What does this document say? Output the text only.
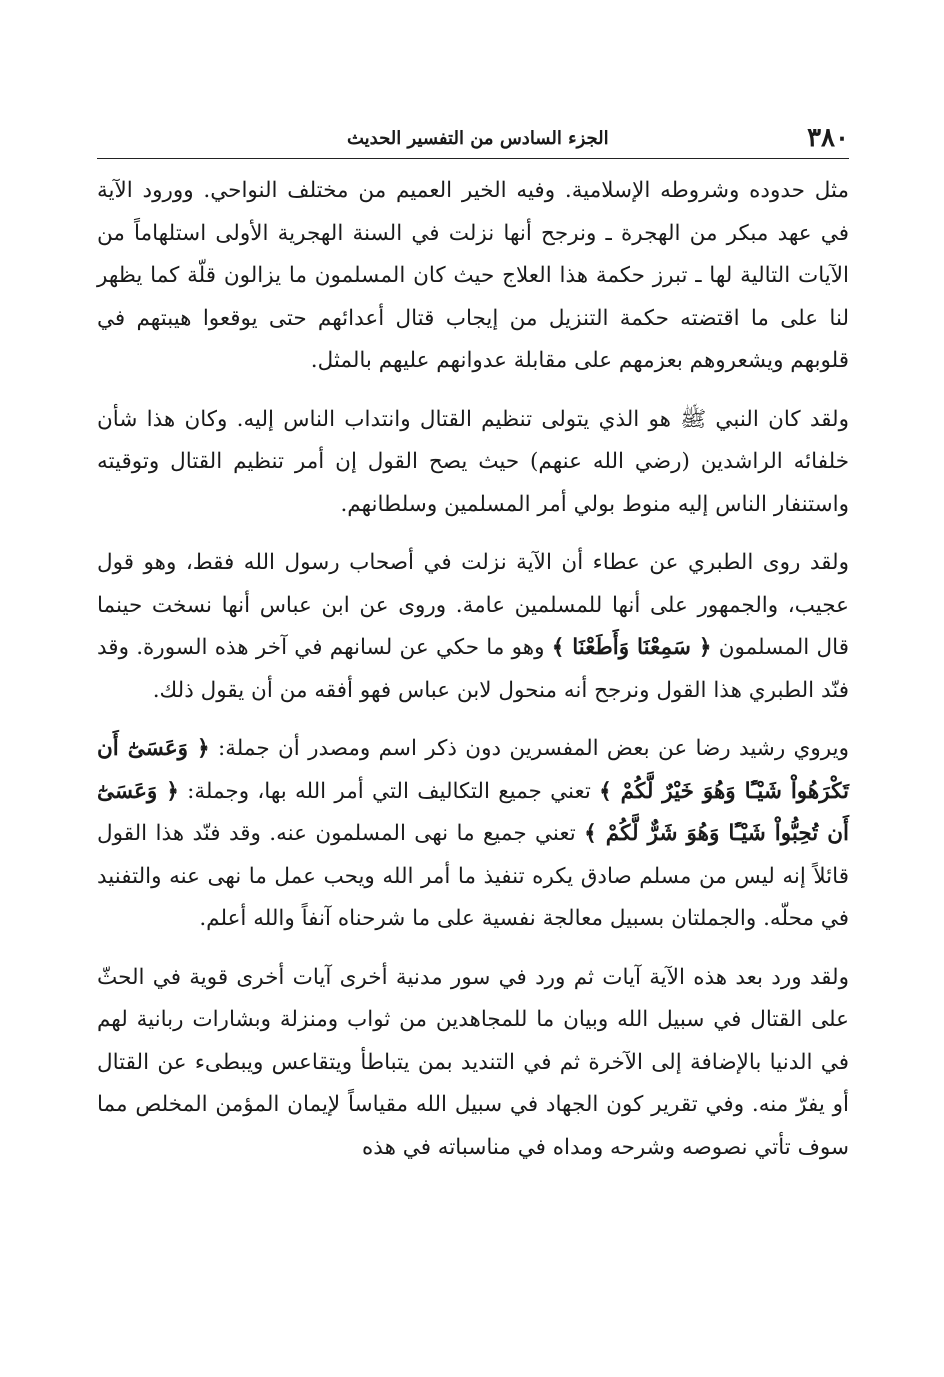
٣٨٠
الجزء السادس من التفسير الحديث

مثل حدوده وشروطه الإسلامية. وفيه الخير العميم من مختلف النواحي. وورود الآية في عهد مبكر من الهجرة ـ ونرجح أنها نزلت في السنة الهجرية الأولى استلهاماً من الآيات التالية لها ـ تبرز حكمة هذا العلاج حيث كان المسلمون ما يزالون قلّة كما يظهر لنا على ما اقتضته حكمة التنزيل من إيجاب قتال أعدائهم حتى يوقعوا هيبتهم في قلوبهم ويشعروهم بعزمهم على مقابلة عدوانهم عليهم بالمثل.

ولقد كان النبي ﷺ هو الذي يتولى تنظيم القتال وانتداب الناس إليه. وكان هذا شأن خلفائه الراشدين (رضي الله عنهم) حيث يصح القول إن أمر تنظيم القتال وتوقيته واستنفار الناس إليه منوط بولي أمر المسلمين وسلطانهم.

ولقد روى الطبري عن عطاء أن الآية نزلت في أصحاب رسول الله فقط، وهو قول عجيب، والجمهور على أنها للمسلمين عامة. وروى عن ابن عباس أنها نسخت حينما قال المسلمون ﴿ سَمِعْنَا وَأَطَعْنَا ﴾ وهو ما حكي عن لسانهم في آخر هذه السورة. وقد فنّد الطبري هذا القول ونرجح أنه منحول لابن عباس فهو أفقه من أن يقول ذلك.

ويروي رشيد رضا عن بعض المفسرين دون ذكر اسم ومصدر أن جملة: ﴿ وَعَسَىٰٓ أَن تَكْرَهُواْ شَيْـًٔا وَهُوَ خَيْرٌ لَّكُمْ ﴾ تعني جميع التكاليف التي أمر الله بها، وجملة: ﴿ وَعَسَىٰٓ أَن تُحِبُّواْ شَيْـًٔا وَهُوَ شَرٌّ لَّكُمْ ﴾ تعني جميع ما نهى المسلمون عنه. وقد فنّد هذا القول قائلاً إنه ليس من مسلم صادق يكره تنفيذ ما أمر الله ويحب عمل ما نهى عنه والتفنيد في محلّه. والجملتان بسبيل معالجة نفسية على ما شرحناه آنفاً والله أعلم.

ولقد ورد بعد هذه الآية آيات ثم ورد في سور مدنية أخرى آيات أخرى قوية في الحثّ على القتال في سبيل الله وبيان ما للمجاهدين من ثواب ومنزلة وبشارات ربانية لهم في الدنيا بالإضافة إلى الآخرة ثم في التنديد بمن يتباطأ ويتقاعس ويبطىء عن القتال أو يفرّ منه. وفي تقرير كون الجهاد في سبيل الله مقياساً لإيمان المؤمن المخلص مما سوف تأتي نصوصه وشرحه ومداه في مناسباته في هذه
